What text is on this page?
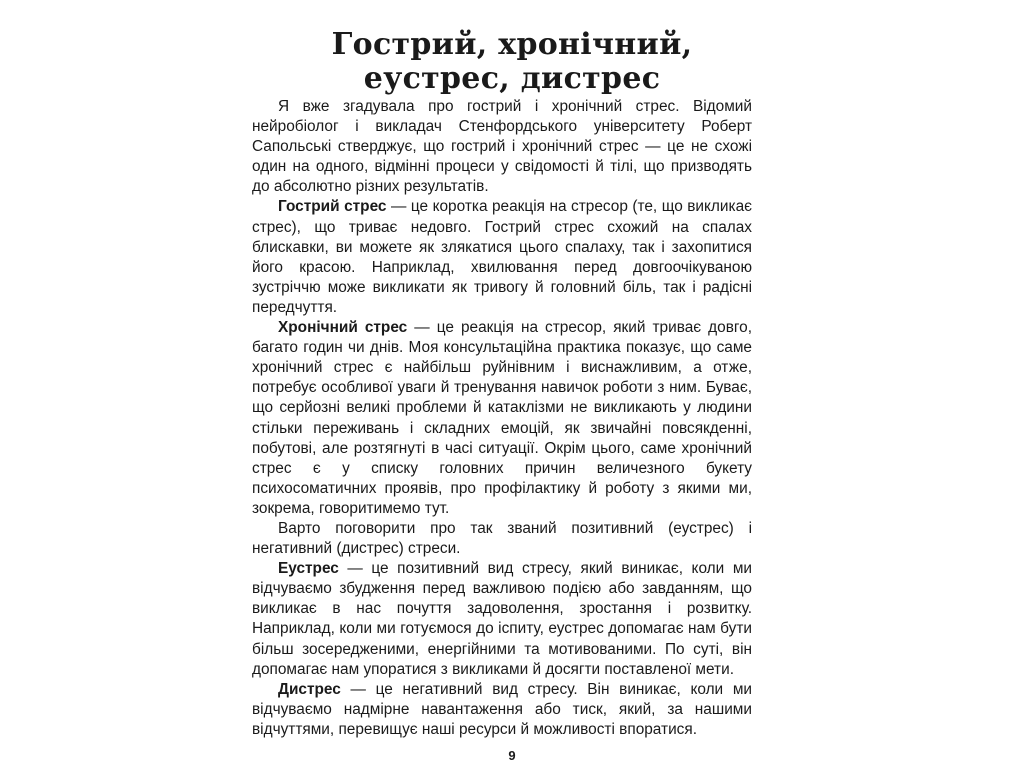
Гострий, хронічний,
еустрес, дистрес

Я вже згадувала про гострий і хронічний стрес. Відомий нейробіолог і викладач Стенфордського університету Роберт Сапольські стверджує, що гострий і хронічний стрес — це не схожі один на одного, відмінні процеси у свідомості й тілі, що призводять до абсолютно різних результатів.

Гострий стрес — це коротка реакція на стресор (те, що викликає стрес), що триває недовго. Гострий стрес схожий на спалах блискавки, ви можете як злякатися цього спалаху, так і захопитися його красою. Наприклад, хвилювання перед довгоочікуваною зустріччю може викликати як тривогу й головний біль, так і радісні передчуття.

Хронічний стрес — це реакція на стресор, який триває довго, багато годин чи днів. Моя консультаційна практика показує, що саме хронічний стрес є найбільш руйнівним і виснажливим, а отже, потребує особливої уваги й тренування навичок роботи з ним. Буває, що серйозні великі проблеми й катаклізми не викликають у людини стільки переживань і складних емоцій, як звичайні повсякденні, побутові, але розтягнуті в часі ситуації. Окрім цього, саме хронічний стрес є у списку головних причин величезного букету психосоматичних проявів, про профілактику й роботу з якими ми, зокрема, говоритимемо тут.

Варто поговорити про так званий позитивний (еустрес) і негативний (дистрес) стреси.

Еустрес — це позитивний вид стресу, який виникає, коли ми відчуваємо збудження перед важливою подією або завданням, що викликає в нас почуття задоволення, зростання і розвитку. Наприклад, коли ми готуємося до іспиту, еустрес допомагає нам бути більш зосередженими, енергійними та мотивованими. По суті, він допомагає нам упоратися з викликами й досягти поставленої мети.

Дистрес — це негативний вид стресу. Він виникає, коли ми відчуваємо надмірне навантаження або тиск, який, за нашими відчуттями, перевищує наші ресурси й можливості впоратися.

9
